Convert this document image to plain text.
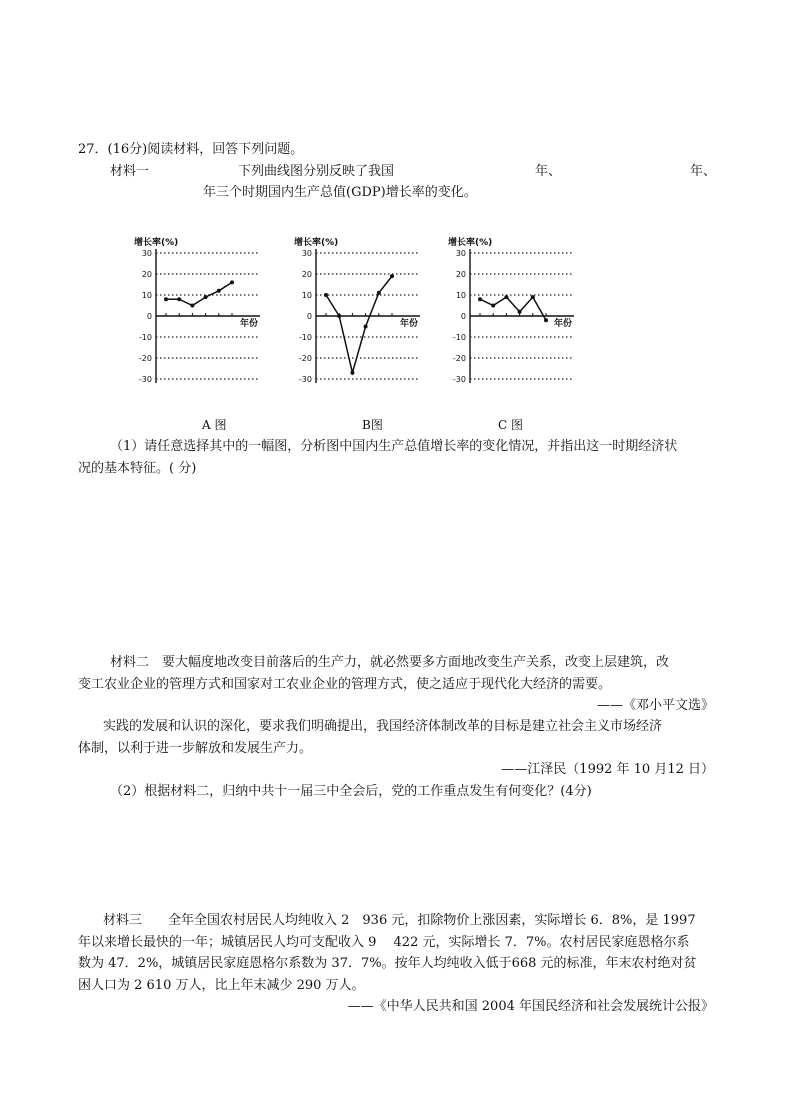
27．(16分)阅读材料，回答下列问题。
材料一	下列曲线图分别反映了我国	年、	年、
年三个时期国内生产总值(GDP)增长率的变化。
增长率(%)
30
20
10
0
-10
-20
-30
年份
增长率(%)
30
20
10
0
-10
-20
-30
年份
增长率(%)
30
20
10
0
-10
-20
-30
年份
A 图	B图	C 图
（1）请任意选择其中的一幅图，分析图中国内生产总值增长率的变化情况，并指出这一时期经济状
况的基本特征。( 分)
材料二　要大幅度地改变目前落后的生产力，就必然要多方面地改变生产关系，改变上层建筑，改
变工农业企业的管理方式和国家对工农业企业的管理方式，使之适应于现代化大经济的需要。
——《邓小平文选》
实践的发展和认识的深化，要求我们明确提出，我国经济体制改革的目标是建立社会主义市场经济
体制，以利于进一步解放和发展生产力。
——江泽民（1992 年 10 月12 日）
（2）根据材料二，归纳中共十一届三中全会后，党的工作重点发生有何变化？(4分)
材料三　　全年全国农村居民人均纯收入 2　936 元，扣除物价上涨因素，实际增长 6．8%，是 1997
年以来增长最快的一年；城镇居民人均可支配收入 9　 422 元，实际增长 7．7%。农村居民家庭恩格尔系
数为 47．2%，城镇居民家庭恩格尔系数为 37．7%。按年人均纯收入低于668 元的标准，年末农村绝对贫
困人口为 2 610 万人，比上年末减少 290 万人。
——《中华人民共和国 2004 年国民经济和社会发展统计公报》
